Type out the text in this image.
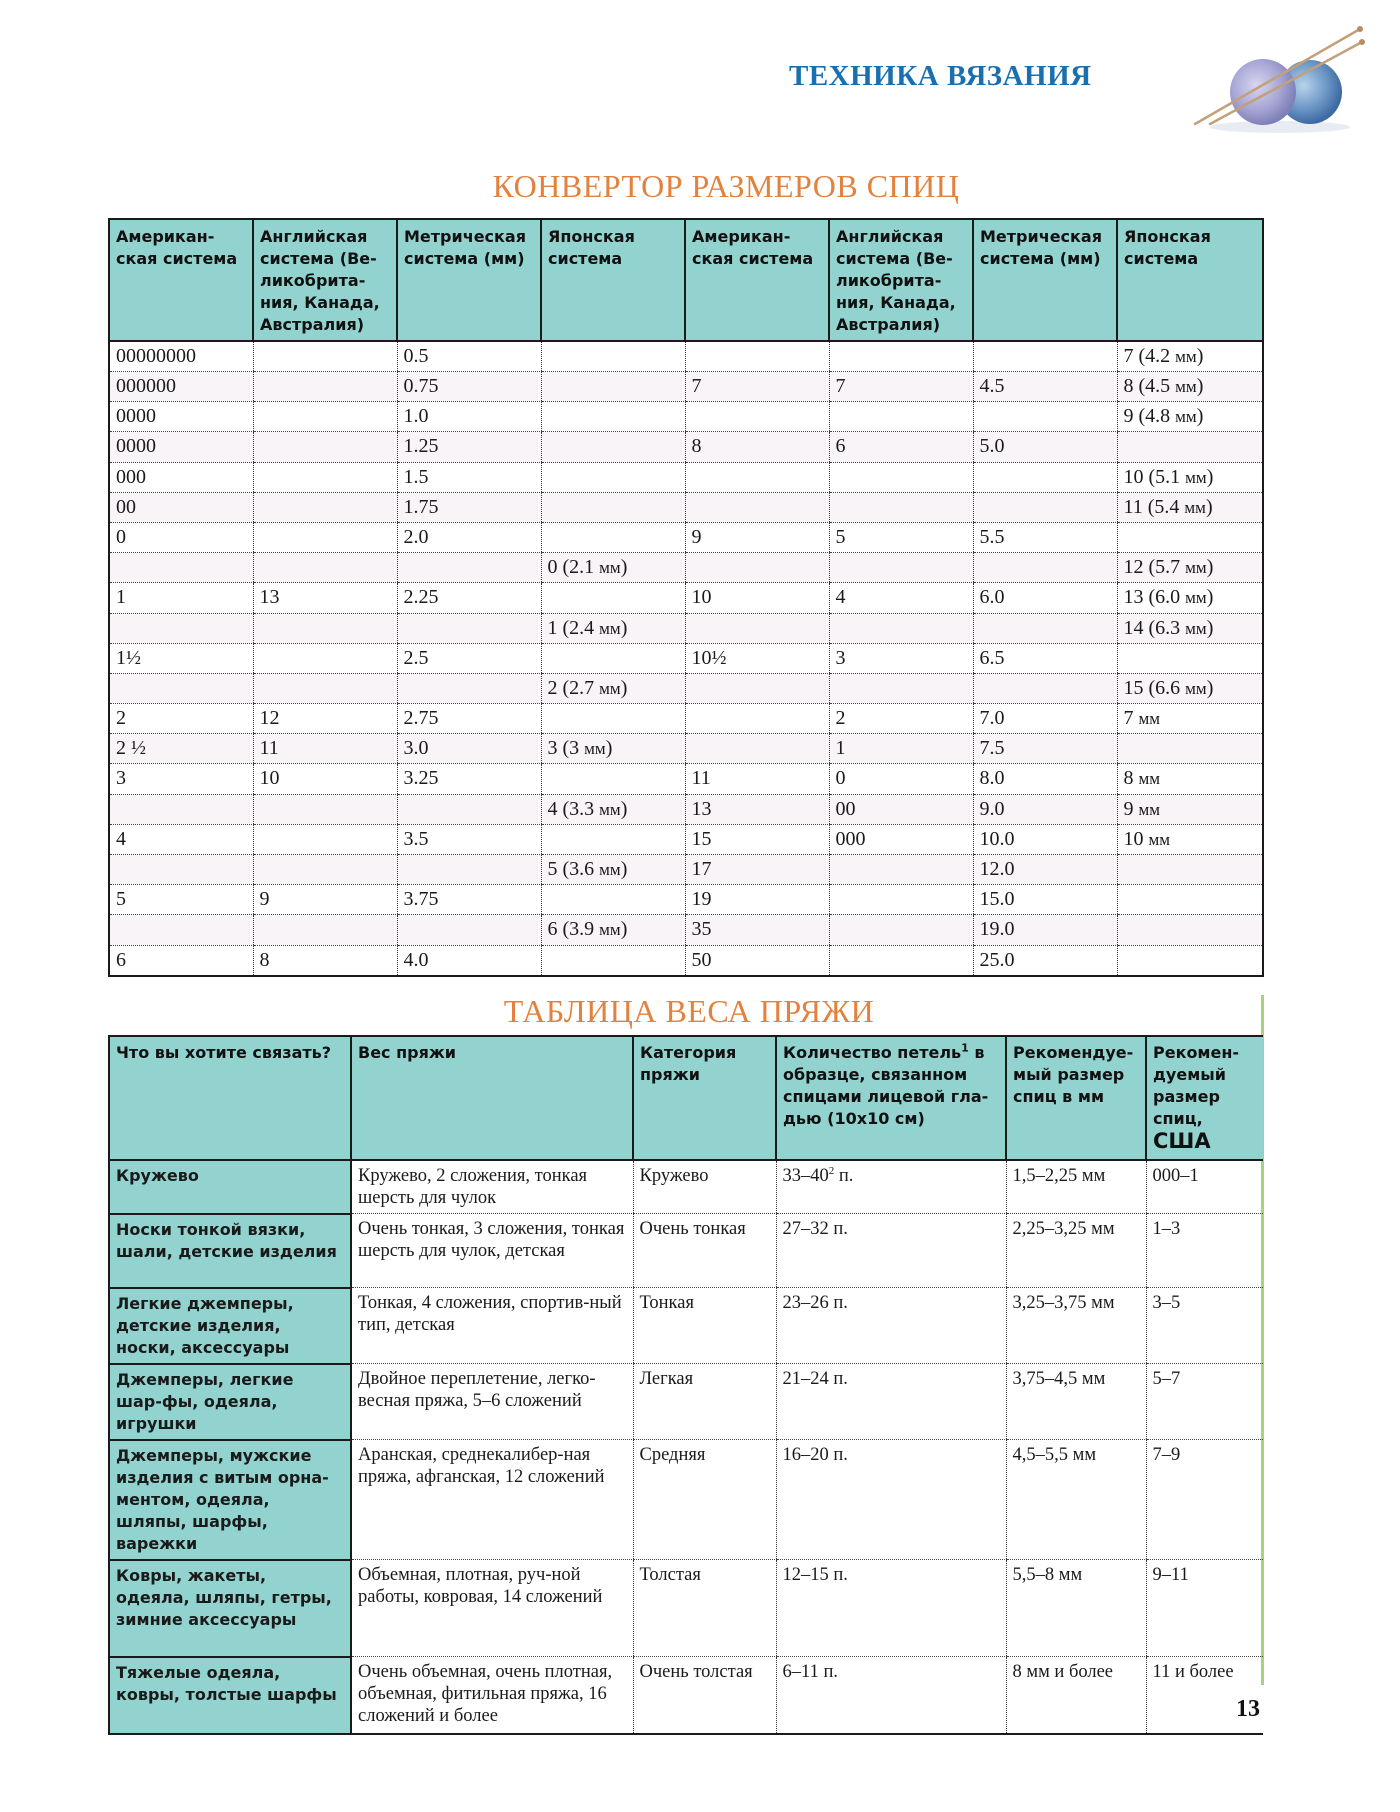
ТЕХНИКА ВЯЗАНИЯ
КОНВЕРТОР РАЗМЕРОВ СПИЦ
Американ-ская система	Английская система (Ве-ликобрита-ния, Канада, Австралия)	Метрическая система (мм)	Японская система	Американ-ская система	Английская система (Ве-ликобрита-ния, Канада, Австралия)	Метрическая система (мм)	Японская система
00000000		0.5					7 (4.2 мм)
000000		0.75		7	7	4.5	8 (4.5 мм)
0000		1.0					9 (4.8 мм)
0000		1.25		8	6	5.0	
000		1.5					10 (5.1 мм)
00		1.75					11 (5.4 мм)
0		2.0		9	5	5.5	
			0 (2.1 мм)				12 (5.7 мм)
1	13	2.25		10	4	6.0	13 (6.0 мм)
			1 (2.4 мм)				14 (6.3 мм)
1½		2.5		10½	3	6.5	
			2 (2.7 мм)				15 (6.6 мм)
2	12	2.75			2	7.0	7 мм
2 ½	11	3.0	3 (3 мм)		1	7.5	
3	10	3.25		11	0	8.0	8 мм
			4 (3.3 мм)	13	00	9.0	9 мм
4		3.5		15	000	10.0	10 мм
			5 (3.6 мм)	17		12.0	
5	9	3.75		19		15.0	
			6 (3.9 мм)	35		19.0	
6	8	4.0		50		25.0	
ТАБЛИЦА ВЕСА ПРЯЖИ
Что вы хотите связать?	Вес пряжи	Категория пряжи	Количество петель$^1$ в образце, связанном спицами лицевой гла-дью (10x10 см)	Рекомендуе-мый размер спиц в мм	Рекомен-дуемый размер спиц,
США
Кружево	Кружево, 2 сложения, тонкая шерсть для чулок	Кружево	$33-40^2$ п.	1,5–2,25 мм	000–1
Носки тонкой вязки, шали, детские изделия	Очень тонкая, 3 сложения, тонкая шерсть для чулок, детская	Очень тонкая	27–32 п.	2,25–3,25 мм	1–3
Легкие джемперы, детские изделия, носки, аксессуары	Тонкая, 4 сложения, спортив-ный тип, детская	Тонкая	23–26 п.	3,25–3,75 мм	3–5
Джемперы, легкие шар-фы, одеяла, игрушки	Двойное переплетение, легко-весная пряжа, 5–6 сложений	Легкая	21–24 п.	3,75–4,5 мм	5–7
Джемперы, мужские изделия с витым орна-ментом, одеяла, шляпы, шарфы, варежки	Аранская, среднекалибер-ная пряжа, афганская, 12 сложений	Средняя	16–20 п.	4,5–5,5 мм	7–9
Ковры, жакеты, одеяла, шляпы, гетры, зимние аксессуары	Объемная, плотная, руч-ной работы, ковровая, 14 сложений	Толстая	12–15 п.	5,5–8 мм	9–11
Тяжелые одеяла, ковры, толстые шарфы	Очень объемная, очень плотная, объемная, фитильная пряжа, 16 сложений и более	Очень толстая	6–11 п.	8 мм и более	11 и более
13
